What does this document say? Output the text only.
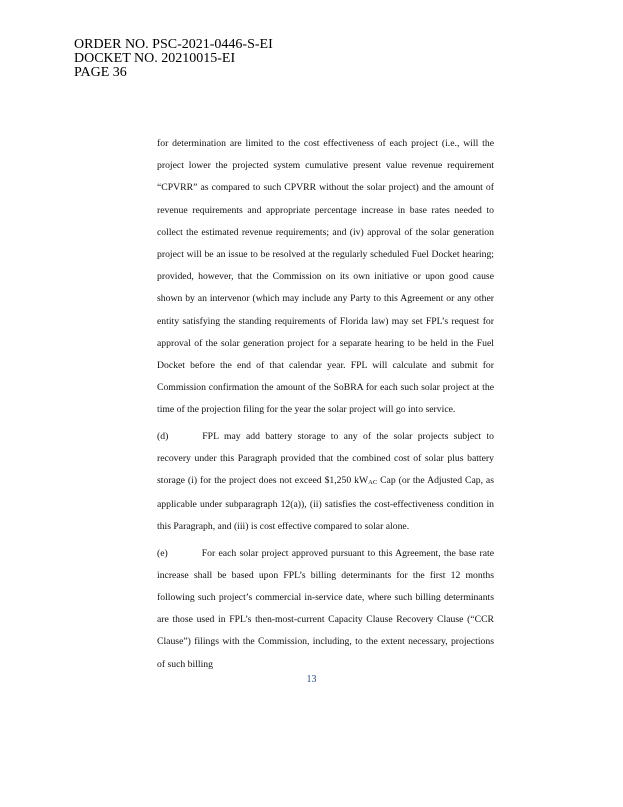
ORDER NO. PSC-2021-0446-S-EI
DOCKET NO. 20210015-EI
PAGE 36

for determination are limited to the cost effectiveness of each project (i.e., will the project lower the projected system cumulative present value revenue requirement “CPVRR” as compared to such CPVRR without the solar project) and the amount of revenue requirements and appropriate percentage increase in base rates needed to collect the estimated revenue requirements; and (iv) approval of the solar generation project will be an issue to be resolved at the regularly scheduled Fuel Docket hearing; provided, however, that the Commission on its own initiative or upon good cause shown by an intervenor (which may include any Party to this Agreement or any other entity satisfying the standing requirements of Florida law) may set FPL’s request for approval of the solar generation project for a separate hearing to be held in the Fuel Docket before the end of that calendar year. FPL will calculate and submit for Commission confirmation the amount of the SoBRA for each such solar project at the time of the projection filing for the year the solar project will go into service.

(d)	FPL may add battery storage to any of the solar projects subject to recovery under this Paragraph provided that the combined cost of solar plus battery storage (i) for the project does not exceed $1,250 kWAC Cap (or the Adjusted Cap, as applicable under subparagraph 12(a)), (ii) satisfies the cost-effectiveness condition in this Paragraph, and (iii) is cost effective compared to solar alone.

(e)	For each solar project approved pursuant to this Agreement, the base rate increase shall be based upon FPL’s billing determinants for the first 12 months following such project’s commercial in-service date, where such billing determinants are those used in FPL’s then-most-current Capacity Clause Recovery Clause (“CCR Clause”) filings with the Commission, including, to the extent necessary, projections of such billing

13
